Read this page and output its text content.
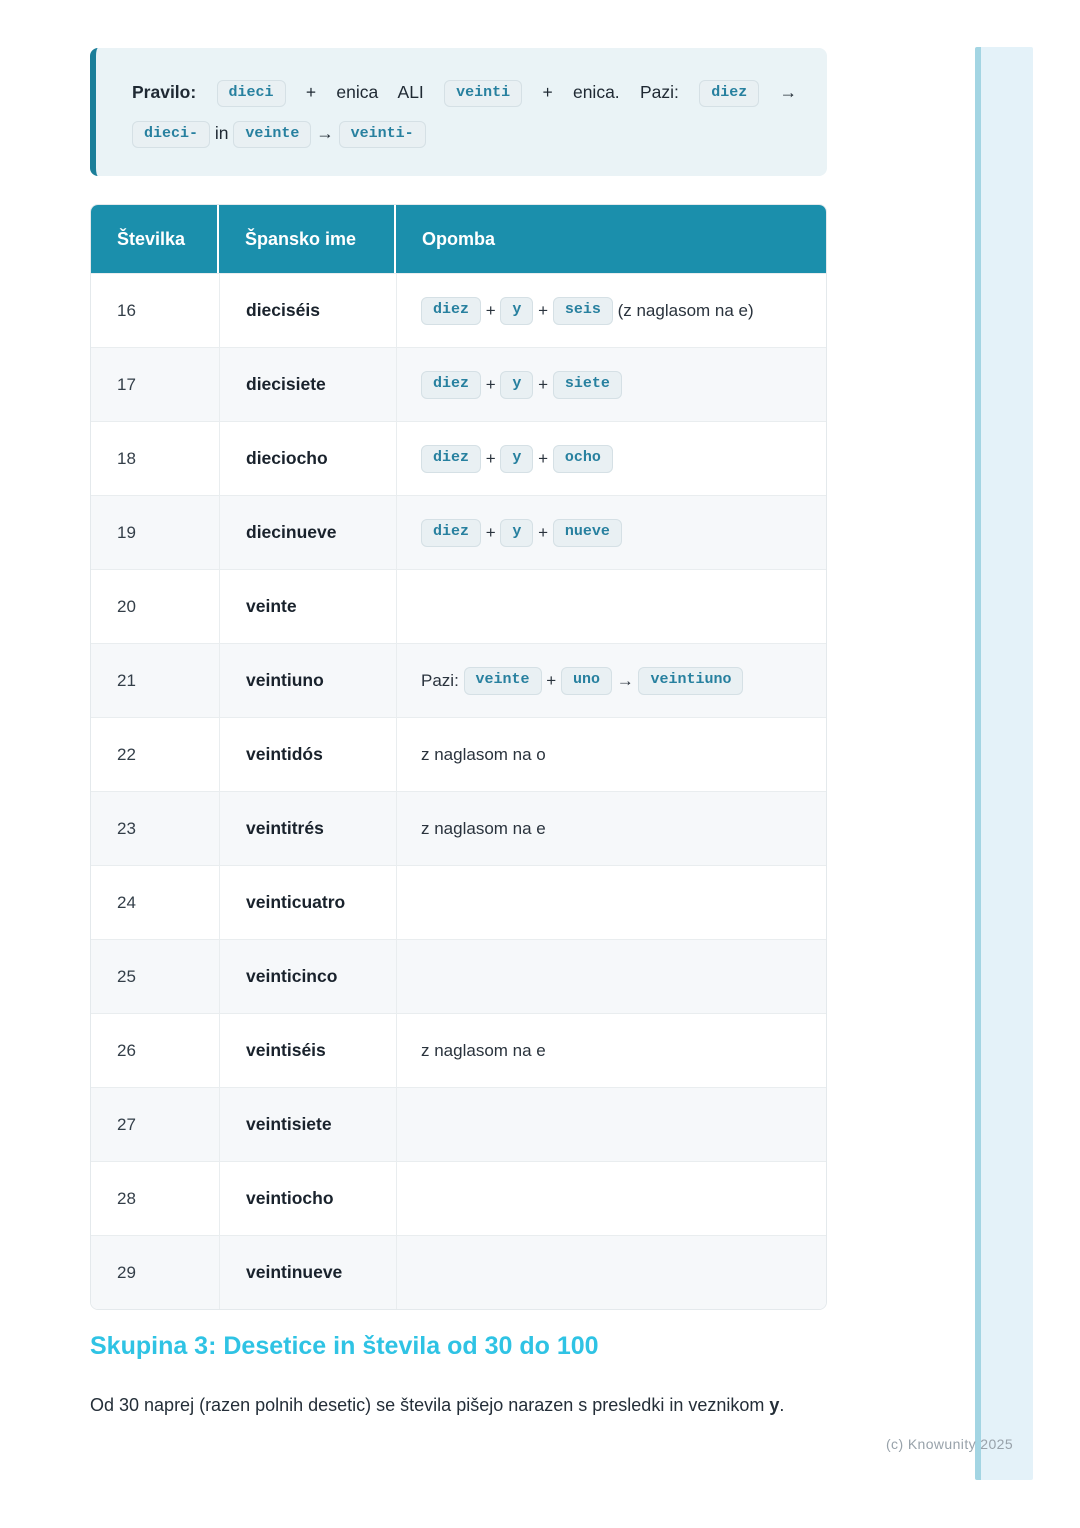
Pravilo: dieci + enica ALI veinti + enica. Pazi: diez →
dieci- in veinte → veinti-
Številka	Špansko ime	Opomba
16	dieciséis	diez + y + seis (z naglasom na e)
17	diecisiete	diez + y + siete
18	dieciocho	diez + y + ocho
19	diecinueve	diez + y + nueve
20	veinte
21	veintiuno	Pazi: veinte + uno → veintiuno
22	veintidós	z naglasom na o
23	veintitrés	z naglasom na e
24	veinticuatro
25	veinticinco
26	veintiséis	z naglasom na e
27	veintisiete
28	veintiocho
29	veintinueve
Skupina 3: Desetice in števila od 30 do 100
Od 30 naprej (razen polnih desetic) se števila pišejo narazen s presledki in veznikom y.
(c) Knowunity 2025
